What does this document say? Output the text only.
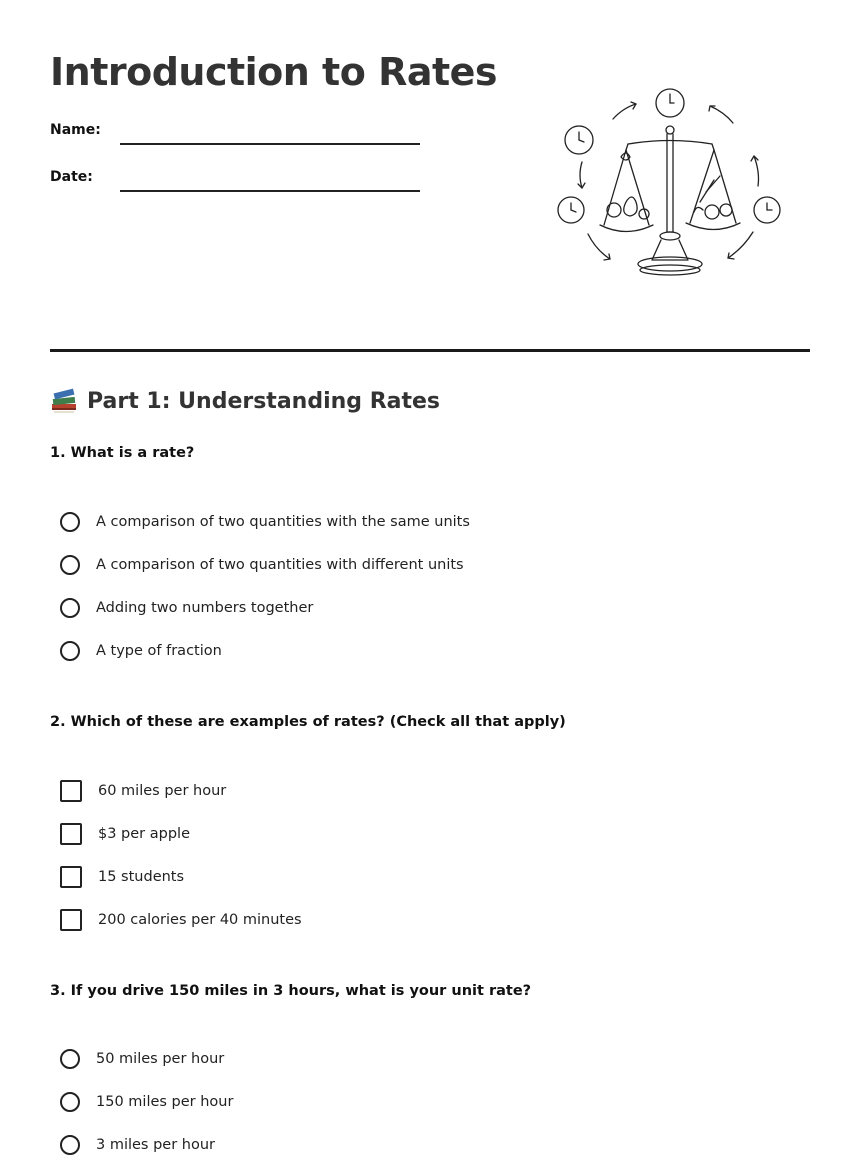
Introduction to Rates
Name:
Date:
Part 1: Understanding Rates
1. What is a rate?
A comparison of two quantities with the same units
A comparison of two quantities with different units
Adding two numbers together
A type of fraction
2. Which of these are examples of rates? (Check all that apply)
60 miles per hour
$3 per apple
15 students
200 calories per 40 minutes
3. If you drive 150 miles in 3 hours, what is your unit rate?
50 miles per hour
150 miles per hour
3 miles per hour
